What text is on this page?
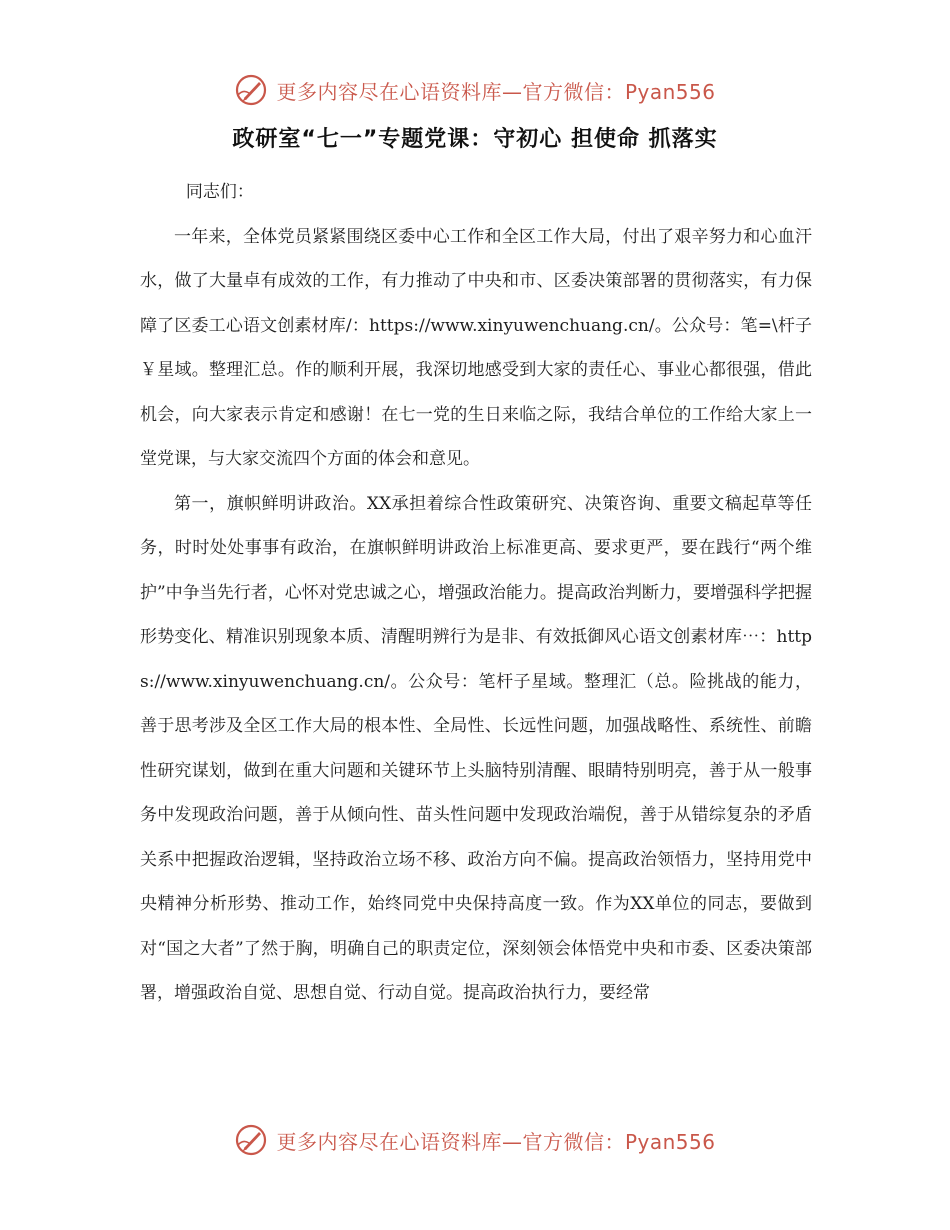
更多内容尽在心语资料库—官方微信：Pyan556
政研室“七一”专题党课：守初心 担使命 抓落实

同志们：

一年来，全体党员紧紧围绕区委中心工作和全区工作大局，付出了艰辛努力和心血汗水，做了大量卓有成效的工作，有力推动了中央和市、区委决策部署的贯彻落实，有力保障了区委工心语文创素材库/：https://www.xinyuwenchuang.cn/。公众号：笔=\杆子￥星域。整理汇总。作的顺利开展，我深切地感受到大家的责任心、事业心都很强，借此机会，向大家表示肯定和感谢！在七一党的生日来临之际，我结合单位的工作给大家上一堂党课，与大家交流四个方面的体会和意见。

第一，旗帜鲜明讲政治。XX承担着综合性政策研究、决策咨询、重要文稿起草等任务，时时处处事事有政治，在旗帜鲜明讲政治上标准更高、要求更严，要在践行“两个维护”中争当先行者，心怀对党忠诚之心，增强政治能力。提高政治判断力，要增强科学把握形势变化、精准识别现象本质、清醒明辨行为是非、有效抵御风心语文创素材库⋯：https://www.xinyuwenchuang.cn/。公众号：笔杆子星域。整理汇（总。险挑战的能力，善于思考涉及全区工作大局的根本性、全局性、长远性问题，加强战略性、系统性、前瞻性研究谋划，做到在重大问题和关键环节上头脑特别清醒、眼睛特别明亮，善于从一般事务中发现政治问题，善于从倾向性、苗头性问题中发现政治端倪，善于从错综复杂的矛盾关系中把握政治逻辑，坚持政治立场不移、政治方向不偏。提高政治领悟力，坚持用党中央精神分析形势、推动工作，始终同党中央保持高度一致。作为XX单位的同志，要做到对“国之大者”了然于胸，明确自己的职责定位，深刻领会体悟党中央和市委、区委决策部署，增强政治自觉、思想自觉、行动自觉。提高政治执行力，要经常

更多内容尽在心语资料库—官方微信：Pyan556
